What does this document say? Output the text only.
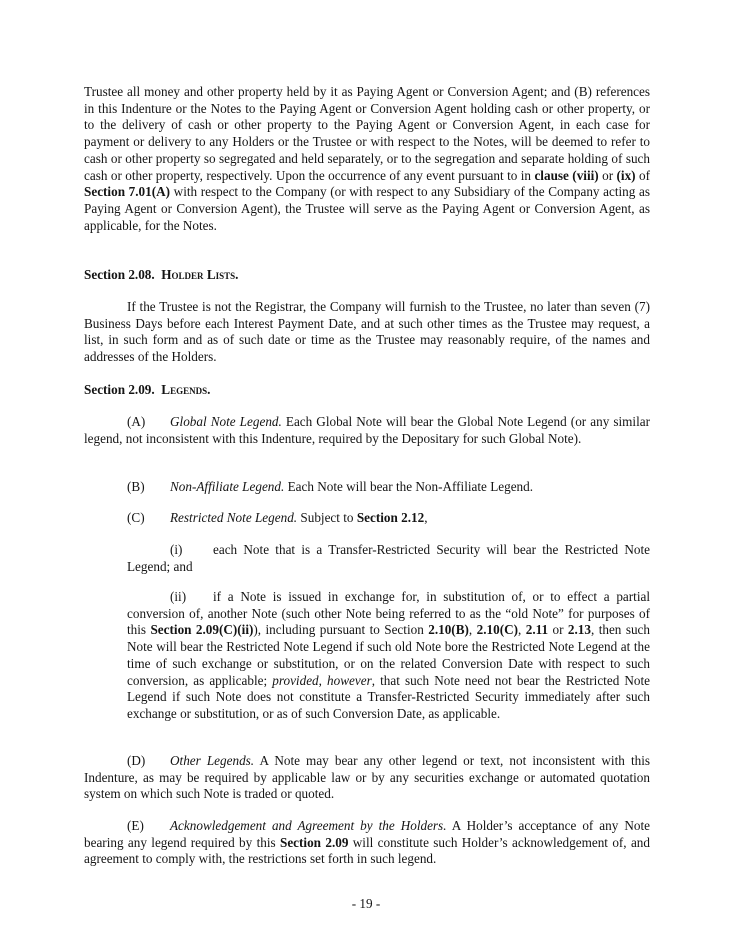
Trustee all money and other property held by it as Paying Agent or Conversion Agent; and (B) references in this Indenture or the Notes to the Paying Agent or Conversion Agent holding cash or other property, or to the delivery of cash or other property to the Paying Agent or Conversion Agent, in each case for payment or delivery to any Holders or the Trustee or with respect to the Notes, will be deemed to refer to cash or other property so segregated and held separately, or to the segregation and separate holding of such cash or other property, respectively. Upon the occurrence of any event pursuant to in clause (viii) or (ix) of Section 7.01(A) with respect to the Company (or with respect to any Subsidiary of the Company acting as Paying Agent or Conversion Agent), the Trustee will serve as the Paying Agent or Conversion Agent, as applicable, for the Notes.

Section 2.08. Holder Lists.

If the Trustee is not the Registrar, the Company will furnish to the Trustee, no later than seven (7) Business Days before each Interest Payment Date, and at such other times as the Trustee may request, a list, in such form and as of such date or time as the Trustee may reasonably require, of the names and addresses of the Holders.

Section 2.09. Legends.

(A) Global Note Legend. Each Global Note will bear the Global Note Legend (or any similar legend, not inconsistent with this Indenture, required by the Depositary for such Global Note).

(B) Non-Affiliate Legend. Each Note will bear the Non-Affiliate Legend.

(C) Restricted Note Legend. Subject to Section 2.12,

(i) each Note that is a Transfer-Restricted Security will bear the Restricted Note Legend; and

(ii) if a Note is issued in exchange for, in substitution of, or to effect a partial conversion of, another Note (such other Note being referred to as the “old Note” for purposes of this Section 2.09(C)(ii)), including pursuant to Section 2.10(B), 2.10(C), 2.11 or 2.13, then such Note will bear the Restricted Note Legend if such old Note bore the Restricted Note Legend at the time of such exchange or substitution, or on the related Conversion Date with respect to such conversion, as applicable; provided, however, that such Note need not bear the Restricted Note Legend if such Note does not constitute a Transfer-Restricted Security immediately after such exchange or substitution, or as of such Conversion Date, as applicable.

(D) Other Legends. A Note may bear any other legend or text, not inconsistent with this Indenture, as may be required by applicable law or by any securities exchange or automated quotation system on which such Note is traded or quoted.

(E) Acknowledgement and Agreement by the Holders. A Holder’s acceptance of any Note bearing any legend required by this Section 2.09 will constitute such Holder’s acknowledgement of, and agreement to comply with, the restrictions set forth in such legend.

- 19 -
